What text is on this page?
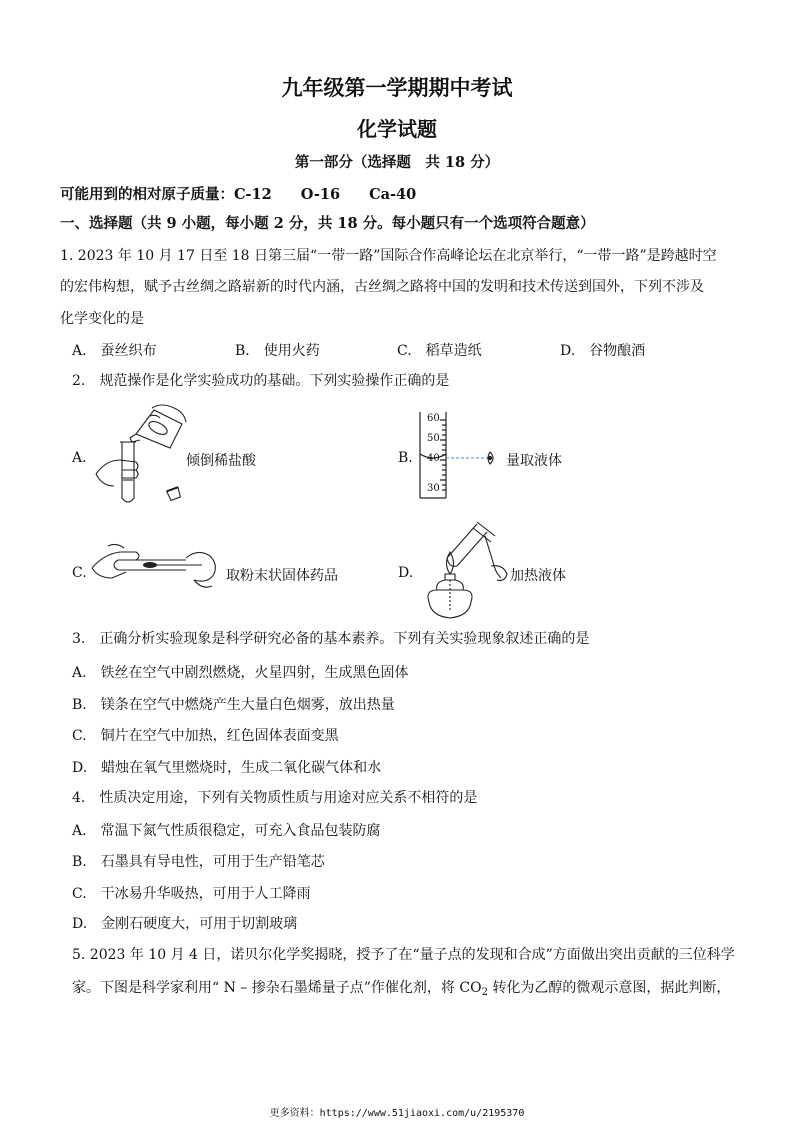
九年级第一学期期中考试
化学试题
第一部分（选择题　共 18 分）
可能用到的相对原子质量：C-12　　O-16　　Ca-40
一、选择题（共 9 小题，每小题 2 分，共 18 分。每小题只有一个选项符合题意）
1. 2023 年 10 月 17 日至 18 日第三届“一带一路”国际合作高峰论坛在北京举行，“一带一路”是跨越时空
的宏伟构想，赋予古丝绸之路崭新的时代内涵，古丝绸之路将中国的发明和技术传送到国外，下列不涉及
化学变化的是
A.　蚕丝织布	B.　使用火药	C.　稻草造纸	D.　谷物酿酒
2.　规范操作是化学实验成功的基础。下列实验操作正确的是
A.	倾倒稀盐酸	B.
60
50
40
30
量取液体
C.	取粉末状固体药品	D.	加热液体
3.　正确分析实验现象是科学研究必备的基本素养。下列有关实验现象叙述正确的是
A.　铁丝在空气中剧烈燃烧，火星四射，生成黑色固体
B.　镁条在空气中燃烧产生大量白色烟雾，放出热量
C.　铜片在空气中加热，红色固体表面变黑
D.　蜡烛在氧气里燃烧时，生成二氧化碳气体和水
4.　性质决定用途，下列有关物质性质与用途对应关系不相符的是
A.　常温下氮气性质很稳定，可充入食品包装防腐
B.　石墨具有导电性，可用于生产铅笔芯
C.　干冰易升华吸热，可用于人工降雨
D.　金刚石硬度大，可用于切割玻璃
5. 2023 年 10 月 4 日，诺贝尔化学奖揭晓，授予了在“量子点的发现和合成”方面做出突出贡献的三位科学
家。下图是科学家利用“ N – 掺杂石墨烯量子点”作催化剂，将 $CO_2$ 转化为乙醇的微观示意图，据此判断，
更多资料：https://www.51jiaoxi.com/u/2195370
